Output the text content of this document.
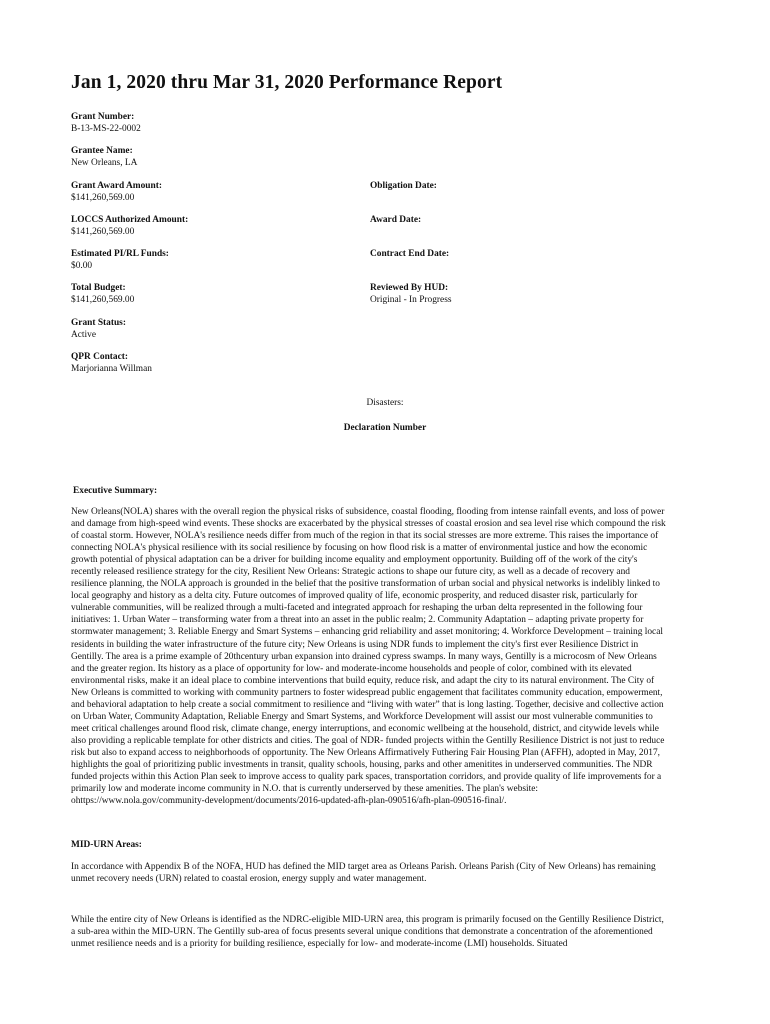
Jan 1, 2020 thru Mar 31, 2020 Performance Report
Grant Number:
B-13-MS-22-0002
Grantee Name:
New Orleans, LA
Grant Award Amount:
$141,260,569.00
LOCCS Authorized Amount:
$141,260,569.00
Estimated PI/RL Funds:
$0.00
Total Budget:
$141,260,569.00
Grant Status:
Active
QPR Contact:
Marjorianna Willman
Obligation Date:
Award Date:
Contract End Date:
Reviewed By HUD:
Original - In Progress
Disasters:
Declaration Number
Executive Summary:

New Orleans(NOLA) shares with the overall region the physical risks of subsidence, coastal flooding, flooding from intense rainfall events, and loss of power and damage from high-speed wind events. These shocks are exacerbated by the physical stresses of coastal erosion and sea level rise which compound the risk of coastal storm. However, NOLA's resilience needs differ from much of the region in that its social stresses are more extreme. This raises the importance of connecting NOLA's physical resilience with its social resilience by focusing on how flood risk is a matter of environmental justice and how the economic growth potential of physical adaptation can be a driver for building income equality and employment opportunity. Building off of the work of the city's recently released resilience strategy for the city, Resilient New Orleans: Strategic actions to shape our future city, as well as a decade of recovery and resilience planning, the NOLA approach is grounded in the belief that the positive transformation of urban social and physical networks is indelibly linked to local geography and history as a delta city. Future outcomes of improved quality of life, economic prosperity, and reduced disaster risk, particularly for vulnerable communities, will be realized through a multi-faceted and integrated approach for reshaping the urban delta represented in the following four initiatives: 1. Urban Water – transforming water from a threat into an asset in the public realm; 2. Community Adaptation – adapting private property for stormwater management; 3. Reliable Energy and Smart Systems – enhancing grid reliability and asset monitoring; 4. Workforce Development – training local residents in building the water infrastructure of the future city; New Orleans is using NDR funds to implement the city's first ever Resilience District in Gentilly. The area is a prime example of 20thcentury urban expansion into drained cypress swamps. In many ways, Gentilly is a microcosm of New Orleans and the greater region. Its history as a place of opportunity for low- and moderate-income households and people of color, combined with its elevated environmental risks, make it an ideal place to combine interventions that build equity, reduce risk, and adapt the city to its natural environment. The City of New Orleans is committed to working with community partners to foster widespread public engagement that facilitates community education, empowerment, and behavioral adaptation to help create a social commitment to resilience and “living with water” that is long lasting. Together, decisive and collective action on Urban Water, Community Adaptation, Reliable Energy and Smart Systems, and Workforce Development will assist our most vulnerable communities to meet critical challenges around flood risk, climate change, energy interruptions, and economic wellbeing at the household, district, and citywide levels while also providing a replicable template for other districts and cities. The goal of NDR- funded projects within the Gentilly Resilience District is not just to reduce risk but also to expand access to neighborhoods of opportunity. The New Orleans Affirmatively Futhering Fair Housing Plan (AFFH), adopted in May, 2017, highlights the goal of prioritizing public investments in transit, quality schools, housing, parks and other amenitites in underserved communities. The NDR funded projects within this Action Plan seek to improve access to quality park spaces, transportation corridors, and provide quality of life improvements for a primarily low and moderate income community in N.O. that is currently underserved by these amenities. The plan's website: ohttps://www.nola.gov/community-development/documents/2016-updated-afh-plan-090516/afh-plan-090516-final/.

MID-URN Areas:

In accordance with Appendix B of the NOFA, HUD has defined the MID target area as Orleans Parish. Orleans Parish (City of New Orleans) has remaining unmet recovery needs (URN) related to coastal erosion, energy supply and water management.

While the entire city of New Orleans is identified as the NDRC-eligible MID-URN area, this program is primarily focused on the Gentilly Resilience District, a sub-area within the MID-URN. The Gentilly sub-area of focus presents several unique conditions that demonstrate a concentration of the aforementioned unmet resilience needs and is a priority for building resilience, especially for low- and moderate-income (LMI) households. Situated
